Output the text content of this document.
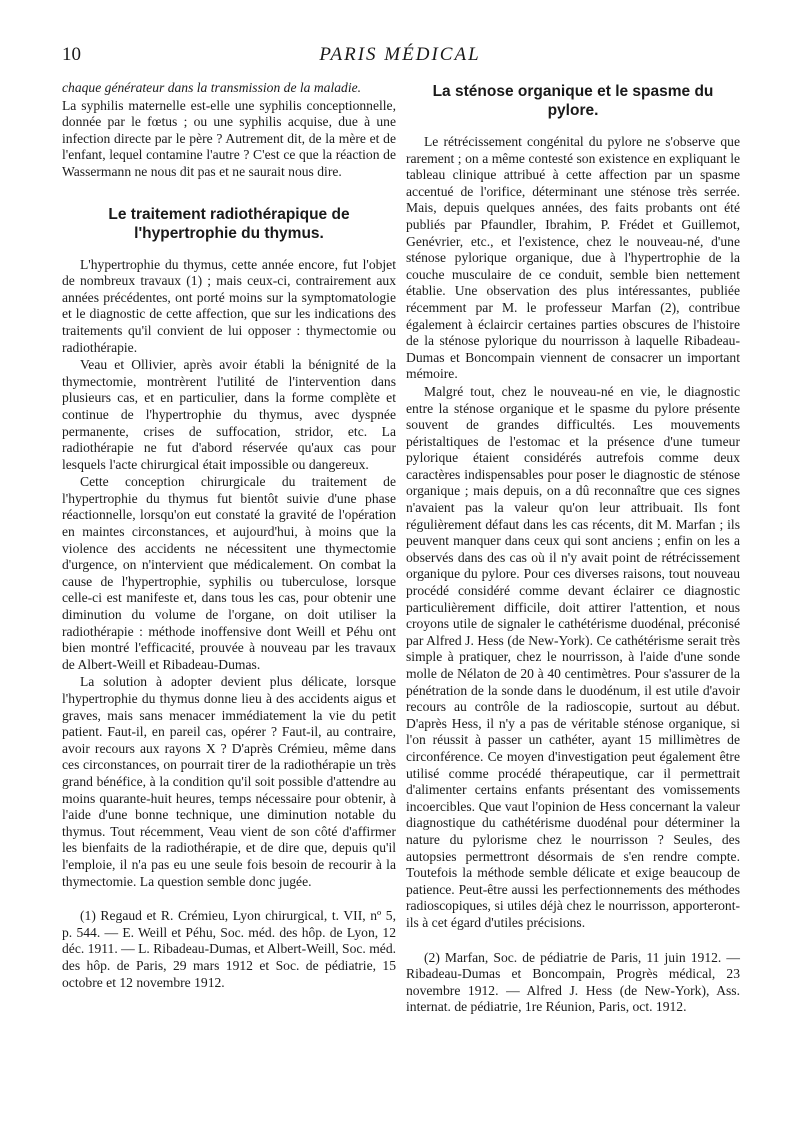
10	PARIS MÉDICAL

chaque générateur dans la transmission de la maladie.

La syphilis maternelle est-elle une syphilis conceptionnelle, donnée par le fœtus ; ou une syphilis acquise, due à une infection directe par le père ? Autrement dit, de la mère et de l'enfant, lequel contamine l'autre ? C'est ce que la réaction de Wassermann ne nous dit pas et ne saurait nous dire.

Le traitement radiothérapique de l'hypertrophie du thymus.

L'hypertrophie du thymus, cette année encore, fut l'objet de nombreux travaux (1) ; mais ceux-ci, contrairement aux années précédentes, ont porté moins sur la symptomatologie et le diagnostic de cette affection, que sur les indications des traitements qu'il convient de lui opposer : thymectomie ou radiothérapie.

Veau et Ollivier, après avoir établi la bénignité de la thymectomie, montrèrent l'utilité de l'intervention dans plusieurs cas, et en particulier, dans la forme complète et continue de l'hypertrophie du thymus, avec dyspnée permanente, crises de suffocation, stridor, etc. La radiothérapie ne fut d'abord réservée qu'aux cas pour lesquels l'acte chirurgical était impossible ou dangereux.

Cette conception chirurgicale du traitement de l'hypertrophie du thymus fut bientôt suivie d'une phase réactionnelle, lorsqu'on eut constaté la gravité de l'opération en maintes circonstances, et aujourd'hui, à moins que la violence des accidents ne nécessitent une thymectomie d'urgence, on n'intervient que médicalement. On combat la cause de l'hypertrophie, syphilis ou tuberculose, lorsque celle-ci est manifeste et, dans tous les cas, pour obtenir une diminution du volume de l'organe, on doit utiliser la radiothérapie : méthode inoffensive dont Weill et Péhu ont bien montré l'efficacité, prouvée à nouveau par les travaux de Albert-Weill et Ribadeau-Dumas.

La solution à adopter devient plus délicate, lorsque l'hypertrophie du thymus donne lieu à des accidents aigus et graves, mais sans menacer immédiatement la vie du petit patient. Faut-il, en pareil cas, opérer ? Faut-il, au contraire, avoir recours aux rayons X ? D'après Crémieu, même dans ces circonstances, on pourrait tirer de la radiothérapie un très grand bénéfice, à la condition qu'il soit possible d'attendre au moins quarante-huit heures, temps nécessaire pour obtenir, à l'aide d'une bonne technique, une diminution notable du thymus. Tout récemment, Veau vient de son côté d'affirmer les bienfaits de la radiothérapie, et de dire que, depuis qu'il l'emploie, il n'a pas eu une seule fois besoin de recourir à la thymectomie. La question semble donc jugée.

(1) Regaud et R. Crémieu, Lyon chirurgical, t. VII, nº 5, p. 544. — E. Weill et Péhu, Soc. méd. des hôp. de Lyon, 12 déc. 1911. — L. Ribadeau-Dumas, et Albert-Weill, Soc. méd. des hôp. de Paris, 29 mars 1912 et Soc. de pédiatrie, 15 octobre et 12 novembre 1912.

La sténose organique et le spasme du pylore.

Le rétrécissement congénital du pylore ne s'observe que rarement ; on a même contesté son existence en expliquant le tableau clinique attribué à cette affection par un spasme accentué de l'orifice, déterminant une sténose très serrée. Mais, depuis quelques années, des faits probants ont été publiés par Pfaundler, Ibrahim, P. Frédet et Guillemot, Genévrier, etc., et l'existence, chez le nouveau-né, d'une sténose pylorique organique, due à l'hypertrophie de la couche musculaire de ce conduit, semble bien nettement établie. Une observation des plus intéressantes, publiée récemment par M. le professeur Marfan (2), contribue également à éclaircir certaines parties obscures de l'histoire de la sténose pylorique du nourrisson à laquelle Ribadeau-Dumas et Boncompain viennent de consacrer un important mémoire.

Malgré tout, chez le nouveau-né en vie, le diagnostic entre la sténose organique et le spasme du pylore présente souvent de grandes difficultés. Les mouvements péristaltiques de l'estomac et la présence d'une tumeur pylorique étaient considérés autrefois comme deux caractères indispensables pour poser le diagnostic de sténose organique ; mais depuis, on a dû reconnaître que ces signes n'avaient pas la valeur qu'on leur attribuait. Ils font régulièrement défaut dans les cas récents, dit M. Marfan ; ils peuvent manquer dans ceux qui sont anciens ; enfin on les a observés dans des cas où il n'y avait point de rétrécissement organique du pylore. Pour ces diverses raisons, tout nouveau procédé considéré comme devant éclairer ce diagnostic particulièrement difficile, doit attirer l'attention, et nous croyons utile de signaler le cathétérisme duodénal, préconisé par Alfred J. Hess (de New-York). Ce cathétérisme serait très simple à pratiquer, chez le nourrisson, à l'aide d'une sonde molle de Nélaton de 20 à 40 centimètres. Pour s'assurer de la pénétration de la sonde dans le duodénum, il est utile d'avoir recours au contrôle de la radioscopie, surtout au début. D'après Hess, il n'y a pas de véritable sténose organique, si l'on réussit à passer un cathéter, ayant 15 millimètres de circonférence. Ce moyen d'investigation peut également être utilisé comme procédé thérapeutique, car il permettrait d'alimenter certains enfants présentant des vomissements incoercibles. Que vaut l'opinion de Hess concernant la valeur diagnostique du cathétérisme duodénal pour déterminer la nature du pylorisme chez le nourrisson ? Seules, des autopsies permettront désormais de s'en rendre compte. Toutefois la méthode semble délicate et exige beaucoup de patience. Peut-être aussi les perfectionnements des méthodes radioscopiques, si utiles déjà chez le nourrisson, apporteront-ils à cet égard d'utiles précisions.

(2) Marfan, Soc. de pédiatrie de Paris, 11 juin 1912. — Ribadeau-Dumas et Boncompain, Progrès médical, 23 novembre 1912. — Alfred J. Hess (de New-York), Ass. internat. de pédiatrie, 1re Réunion, Paris, oct. 1912.
